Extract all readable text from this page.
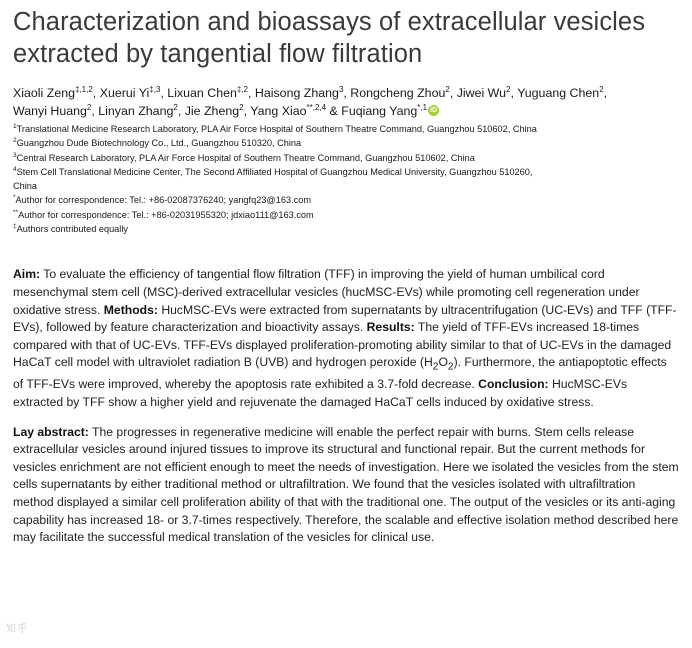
Characterization and bioassays of extracellular vesicles extracted by tangential flow filtration
Xiaoli Zeng$^{\ddagger,1,2}$, Xuerui $Yi^{\ddagger,3}$, Lixuan Chen$^{\ddagger,2}$, Haisong Zhang$^3$, Rongcheng Zhou$^2$, Jiwei Wu$^2$, Yuguang Chen$^2$, Wanyi Huang$^2$, Linyan Zhang$^2$, Jie Zheng$^2$, Yang Xiao$^{**,2,4}$ & Fuqiang Yang$^{*,1}$ iD
$^1$Translational Medicine Research Laboratory, PLA Air Force Hospital of Southern Theatre Command, Guangzhou 510602, China
$^2$Guangzhou Dude Biotechnology Co., Ltd., Guangzhou 510320, China
$^3$Central Research Laboratory, PLA Air Force Hospital of Southern Theatre Command, Guangzhou 510602, China
$^4$Stem Cell Translational Medicine Center, The Second Affiliated Hospital of Guangzhou Medical University, Guangzhou 510260,
China
*Author for correspondence: Tel.: +86-02087376240; yangfq23@163.com
**Author for correspondence: Tel.: +86-02031955320; jdxiao111@163.com
‡Authors contributed equally
Aim: To evaluate the efficiency of tangential flow filtration (TFF) in improving the yield of human umbilical cord mesenchymal stem cell (MSC)-derived extracellular vesicles (hucMSC-EVs) while promoting cell regeneration under oxidative stress. Methods: HucMSC-EVs were extracted from supernatants by ultracentrifugation (UC-EVs) and TFF (TFF-EVs), followed by feature characterization and bioactivity assays. Results: The yield of TFF-EVs increased 18-times compared with that of UC-EVs. TFF-EVs displayed proliferation-promoting ability similar to that of UC-EVs in the damaged HaCaT cell model with ultraviolet radiation B (UVB) and hydrogen peroxide $(H_2O_2)$. Furthermore, the antiapoptotic effects of TFF-EVs were improved, whereby the apoptosis rate exhibited a 3.7-fold decrease. Conclusion: HucMSC-EVs extracted by TFF show a higher yield and rejuvenate the damaged HaCaT cells induced by oxidative stress.
Lay abstract: The progresses in regenerative medicine will enable the perfect repair with burns. Stem cells release extracellular vesicles around injured tissues to improve its structural and functional repair. But the current methods for vesicles enrichment are not efficient enough to meet the needs of investigation. Here we isolated the vesicles from the stem cells supernatants by either traditional method or ultrafiltration. We found that the vesicles isolated with ultrafiltration method displayed a similar cell proliferation ability of that with the traditional one. The output of the vesicles or its anti-aging capability has increased 18- or 3.7-times respectively. Therefore, the scalable and effective isolation method described here may facilitate the successful medical translation of the vesicles for clinical use.
知乎
